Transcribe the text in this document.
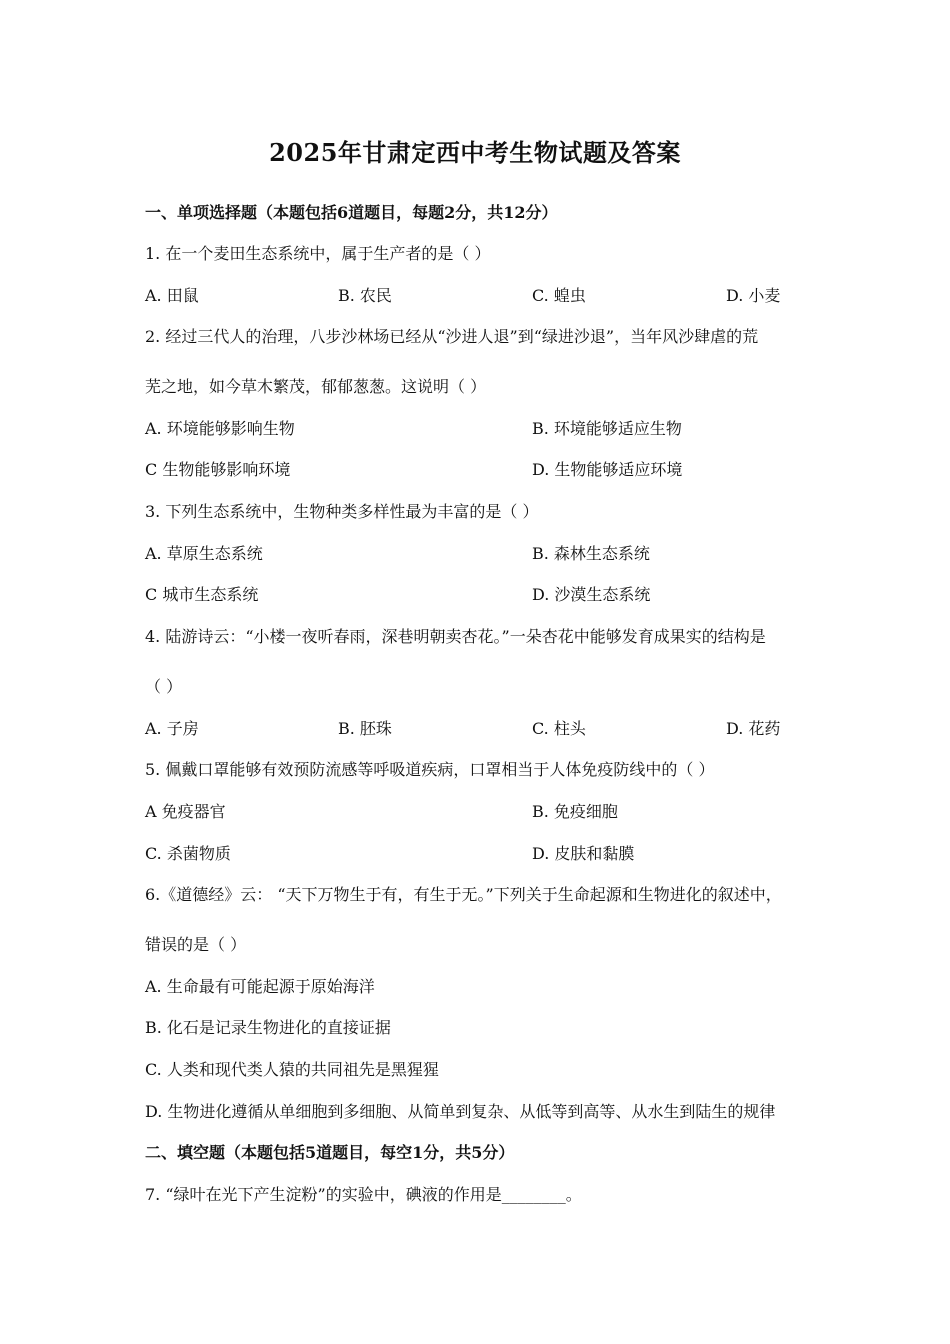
2025年甘肃定西中考生物试题及答案
一、单项选择题（本题包括6道题目，每题2分，共12分）
1. 在一个麦田生态系统中，属于生产者的是（ ）
A. 田鼠	B. 农民	C. 蝗虫	D. 小麦
2. 经过三代人的治理，八步沙林场已经从“沙进人退”到“绿进沙退”，当年风沙肆虐的荒
芜之地，如今草木繁茂，郁郁葱葱。这说明（ ）
A. 环境能够影响生物	B. 环境能够适应生物
C 生物能够影响环境	D. 生物能够适应环境
3. 下列生态系统中，生物种类多样性最为丰富的是（ ）
A. 草原生态系统	B. 森林生态系统
C 城市生态系统	D. 沙漠生态系统
4. 陆游诗云：“小楼一夜听春雨，深巷明朝卖杏花。”一朵杏花中能够发育成果实的结构是
（ ）
A. 子房	B. 胚珠	C. 柱头	D. 花药
5. 佩戴口罩能够有效预防流感等呼吸道疾病，口罩相当于人体免疫防线中的（ ）
A 免疫器官	B. 免疫细胞
C. 杀菌物质	D. 皮肤和黏膜
6.《道德经》云： “天下万物生于有，有生于无。”下列关于生命起源和生物进化的叙述中，
错误的是（ ）
A. 生命最有可能起源于原始海洋
B. 化石是记录生物进化的直接证据
C. 人类和现代类人猿的共同祖先是黑猩猩
D. 生物进化遵循从单细胞到多细胞、从简单到复杂、从低等到高等、从水生到陆生的规律
二、填空题（本题包括5道题目，每空1分，共5分）
7. “绿叶在光下产生淀粉”的实验中，碘液的作用是________。
